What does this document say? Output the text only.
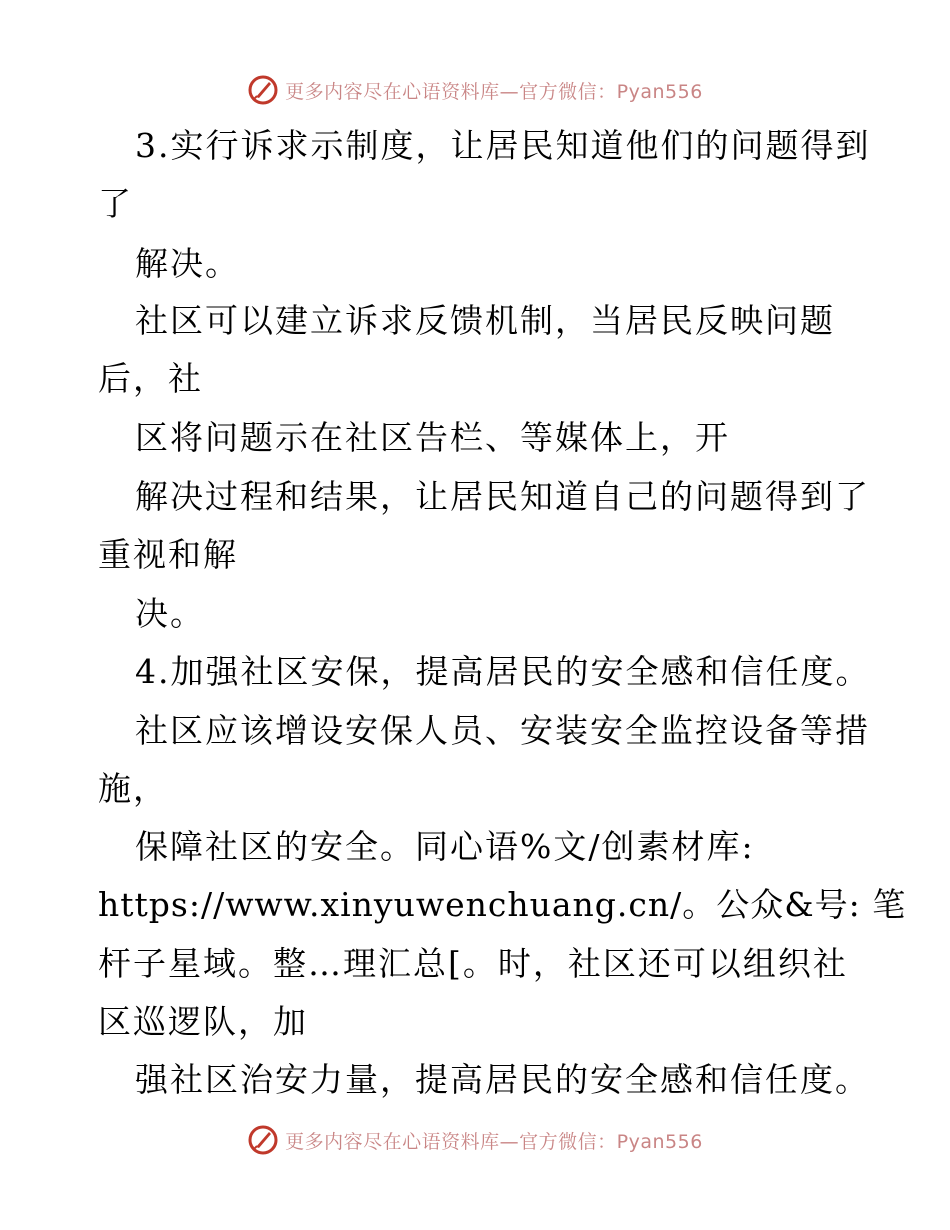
更多内容尽在心语资料库—官方微信：Pyan556
3.实行诉求示制度，让居民知道他们的问题得到
了
解决。
社区可以建立诉求反馈机制，当居民反映问题
后，社
区将问题示在社区告栏、等媒体上，开
解决过程和结果，让居民知道自己的问题得到了
重视和解
决。
4.加强社区安保，提高居民的安全感和信任度。
社区应该增设安保人员、安装安全监控设备等措
施，
保障社区的安全。同心语%文/创素材库:
https://www.xinyuwenchuang.cn/。公众&号: 笔
杆子星域。整…理汇总[。时，社区还可以组织社
区巡逻队，加
强社区治安力量，提高居民的安全感和信任度。
更多内容尽在心语资料库—官方微信：Pyan556
